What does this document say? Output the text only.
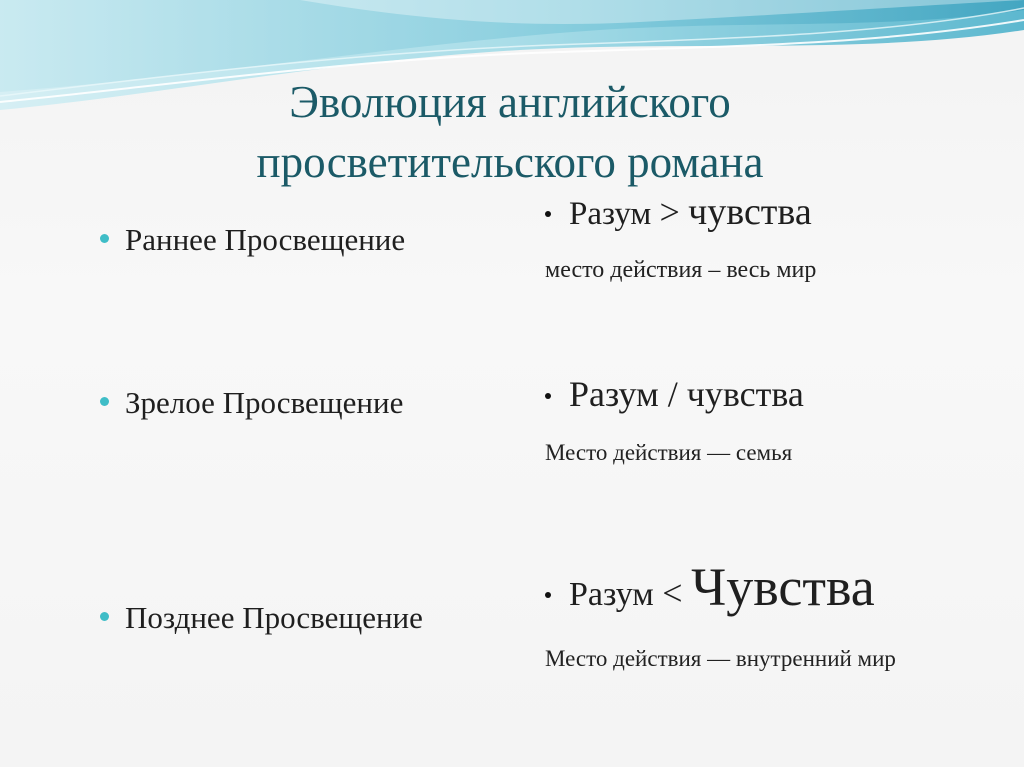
Эволюция английского
просветительского романа
Раннее Просвещение
Разум > чувства
место действия – весь мир
Зрелое Просвещение	Разум / чувства
Место действия — семья
Позднее Просвещение
Разум < Чувства
Место действия — внутренний мир
